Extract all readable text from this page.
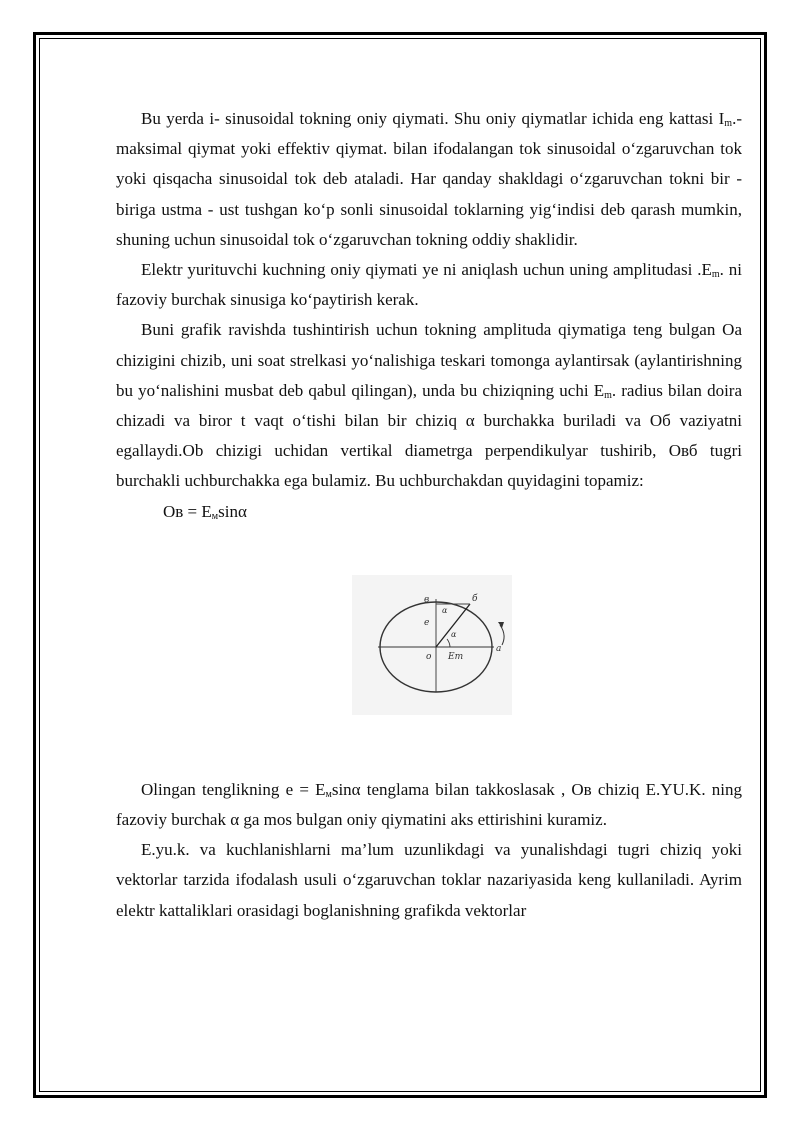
Bu yerda i- sinusoidal tokning oniy qiymati. Shu oniy qiymatlar ichida eng kattasi $I_m.-$ maksimal qiymat yoki effektiv qiymat. bilan ifodalangan tok sinusoidal o‘zgaruvchan tok yoki qisqacha sinusoidal tok deb ataladi. Har qanday shakldagi o‘zgaruvchan tokni bir - biriga ustma - ust tushgan ko‘p sonli sinusoidal toklarning yig‘indisi deb qarash mumkin, shuning uchun sinusoidal tok o‘zgaruvchan tokning oddiy shaklidir.

Elektr yurituvchi kuchning oniy qiymati ye ni aniqlash uchun uning amplitudasi $.E_m$. ni fazoviy burchak sinusiga ko‘paytirish kerak.

Buni grafik ravishda tushintirish uchun tokning amplituda qiymatiga teng bulgan Oa chizigini chizib, uni soat strelkasi yo‘nalishiga teskari tomonga aylantirsak (aylantirishning bu yo‘nalishini musbat deb qabul qilingan), unda bu chiziqning uchi $E_m$. radius bilan doira chizadi va biror t vaqt o‘tishi bilan bir chiziq α burchakka buriladi va Oб vaziyatni egallaydi.Ob chizigi uchidan vertikal diametrga perpendikulyar tushirib, Oвб tugri burchakli uchburchakka ega bulamiz. Bu uchburchakdan quyidagini topamiz:

Oв = $E_м\sin\alpha$
в
α
б
е
α
а
о Em

Olingan tenglikning $e = E_м\sin\alpha$ tenglama bilan takkoslasak , Oв chiziq E.YU.K. ning fazoviy burchak α ga mos bulgan oniy qiymatini aks ettirishini kuramiz.

E.yu.k. va kuchlanishlarni ma’lum uzunlikdagi va yunalishdagi tugri chiziq yoki vektorlar tarzida ifodalash usuli o‘zgaruvchan toklar nazariyasida keng kullaniladi. Ayrim elektr kattaliklari orasidagi boglanishning grafikda vektorlar
